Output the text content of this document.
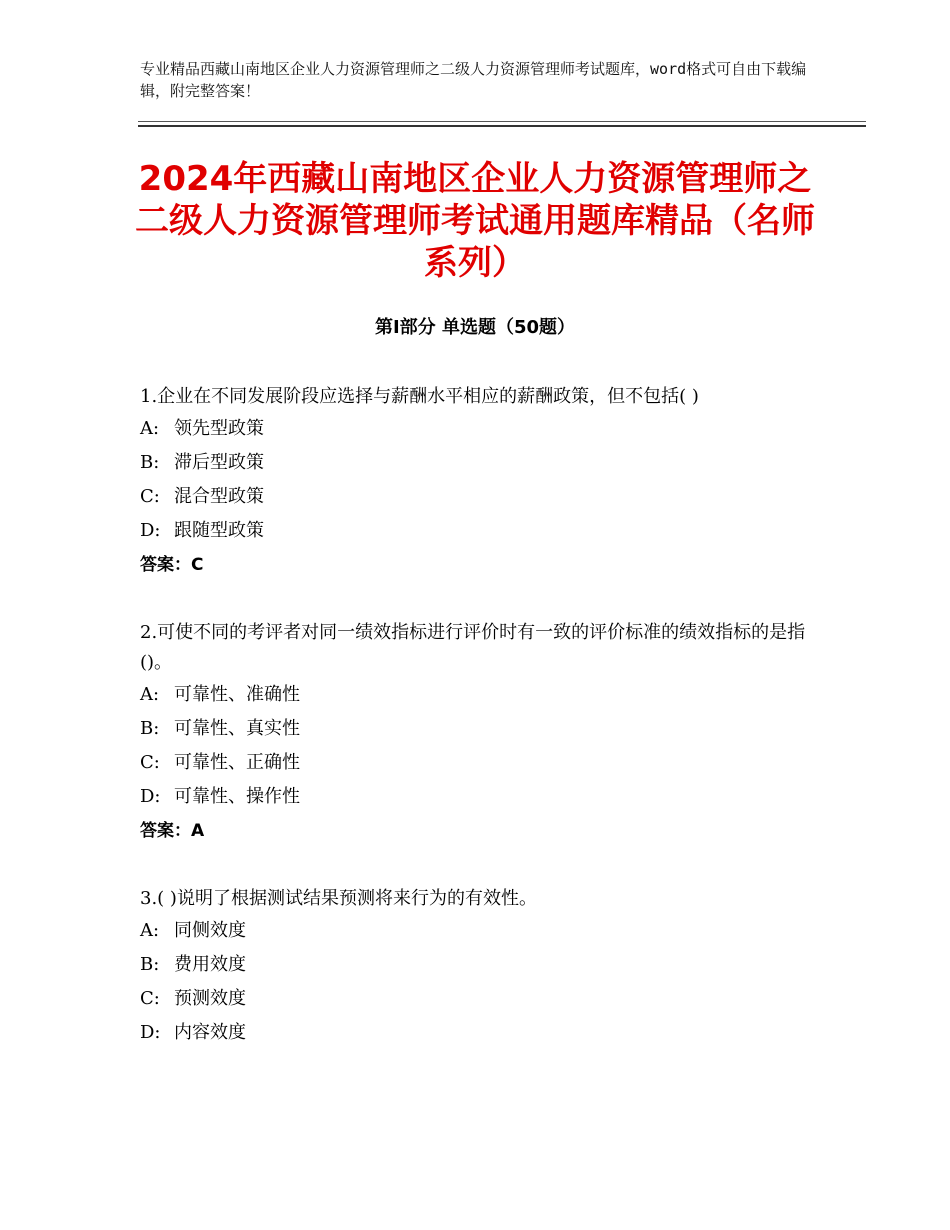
专业精品西藏山南地区企业人力资源管理师之二级人力资源管理师考试题库，word格式可自由下载编辑，附完整答案！
2024年西藏山南地区企业人力资源管理师之二级人力资源管理师考试通用题库精品（名师系列）
第Ⅰ部分 单选题（50题）

1.企业在不同发展阶段应选择与薪酬水平相应的薪酬政策，但不包括( )

A: 领先型政策

B: 滞后型政策

C: 混合型政策

D: 跟随型政策

答案：C

2.可使不同的考评者对同一绩效指标进行评价时有一致的评价标准的绩效指标的是指()。

A: 可靠性、准确性

B: 可靠性、真实性

C: 可靠性、正确性

D: 可靠性、操作性

答案：A

3.( )说明了根据测试结果预测将来行为的有效性。

A: 同侧效度

B: 费用效度

C: 预测效度

D: 内容效度
